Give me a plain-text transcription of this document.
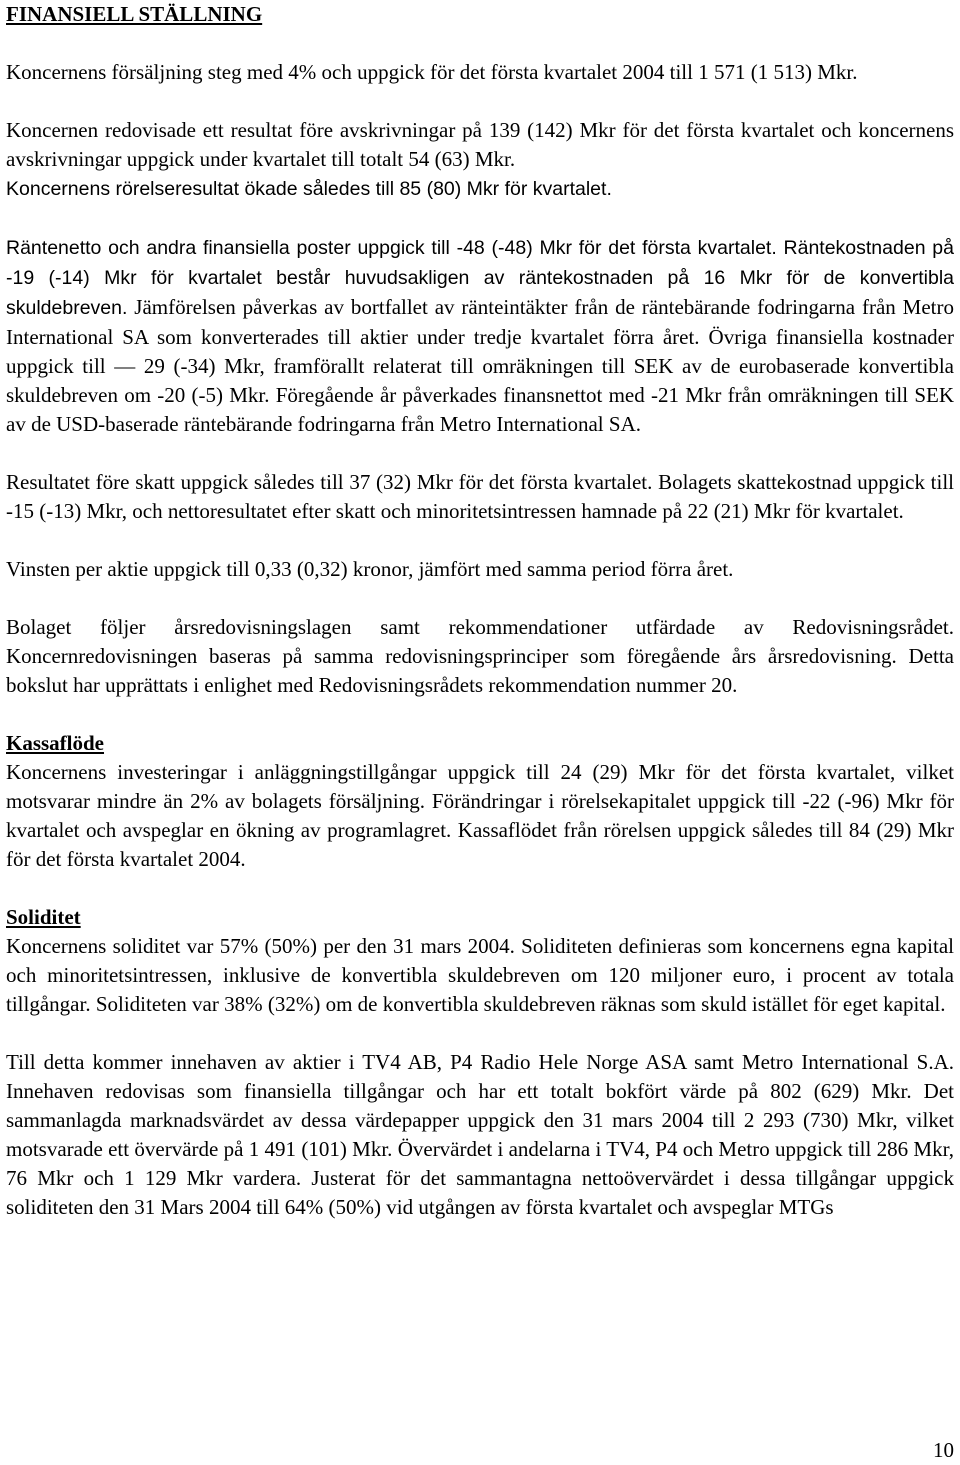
FINANSIELL STÄLLNING

Koncernens försäljning steg med 4% och uppgick för det första kvartalet 2004 till 1 571 (1 513) Mkr.

Koncernen redovisade ett resultat före avskrivningar på 139 (142) Mkr för det första kvartalet och koncernens avskrivningar uppgick under kvartalet till totalt 54 (63) Mkr.
Koncernens rörelseresultat ökade således till 85 (80) Mkr för kvartalet.

Räntenetto och andra finansiella poster uppgick till -48 (-48) Mkr för det första kvartalet. Räntekostnaden på -19 (-14) Mkr för kvartalet består huvudsakligen av räntekostnaden på 16 Mkr för de konvertibla skuldebreven. Jämförelsen påverkas av bortfallet av ränteintäkter från de räntebärande fodringarna från Metro International SA som konverterades till aktier under tredje kvartalet förra året. Övriga finansiella kostnader uppgick till — 29 (-34) Mkr, framförallt relaterat till omräkningen till SEK av de eurobaserade konvertibla skuldebreven om -20 (-5) Mkr. Föregående år påverkades finansnettot med -21 Mkr från omräkningen till SEK av de USD-baserade räntebärande fodringarna från Metro International SA.

Resultatet före skatt uppgick således till 37 (32) Mkr för det första kvartalet. Bolagets skattekostnad uppgick till -15 (-13) Mkr, och nettoresultatet efter skatt och minoritetsintressen hamnade på 22 (21) Mkr för kvartalet.

Vinsten per aktie uppgick till 0,33 (0,32) kronor, jämfört med samma period förra året.

Bolaget följer årsredovisningslagen samt rekommendationer utfärdade av Redovisningsrådet. Koncernredovisningen baseras på samma redovisningsprinciper som föregående års årsredovisning. Detta bokslut har upprättats i enlighet med Redovisningsrådets rekommendation nummer 20.

Kassaflöde

Koncernens investeringar i anläggningstillgångar uppgick till 24 (29) Mkr för det första kvartalet, vilket motsvarar mindre än 2% av bolagets försäljning. Förändringar i rörelsekapitalet uppgick till -22 (-96) Mkr för kvartalet och avspeglar en ökning av programlagret. Kassaflödet från rörelsen uppgick således till 84 (29) Mkr för det första kvartalet 2004.

Soliditet

Koncernens soliditet var 57% (50%) per den 31 mars 2004. Soliditeten definieras som koncernens egna kapital och minoritetsintressen, inklusive de konvertibla skuldebreven om 120 miljoner euro, i procent av totala tillgångar. Soliditeten var 38% (32%) om de konvertibla skuldebreven räknas som skuld istället för eget kapital.

Till detta kommer innehaven av aktier i TV4 AB, P4 Radio Hele Norge ASA samt Metro International S.A. Innehaven redovisas som finansiella tillgångar och har ett totalt bokfört värde på 802 (629) Mkr. Det sammanlagda marknadsvärdet av dessa värdepapper uppgick den 31 mars 2004 till 2 293 (730) Mkr, vilket motsvarade ett övervärde på 1 491 (101) Mkr. Övervärdet i andelarna i TV4, P4 och Metro uppgick till 286 Mkr, 76 Mkr och 1 129 Mkr vardera. Justerat för det sammantagna nettoövervärdet i dessa tillgångar uppgick soliditeten den 31 Mars 2004 till 64% (50%) vid utgången av första kvartalet och avspeglar MTGs

10
